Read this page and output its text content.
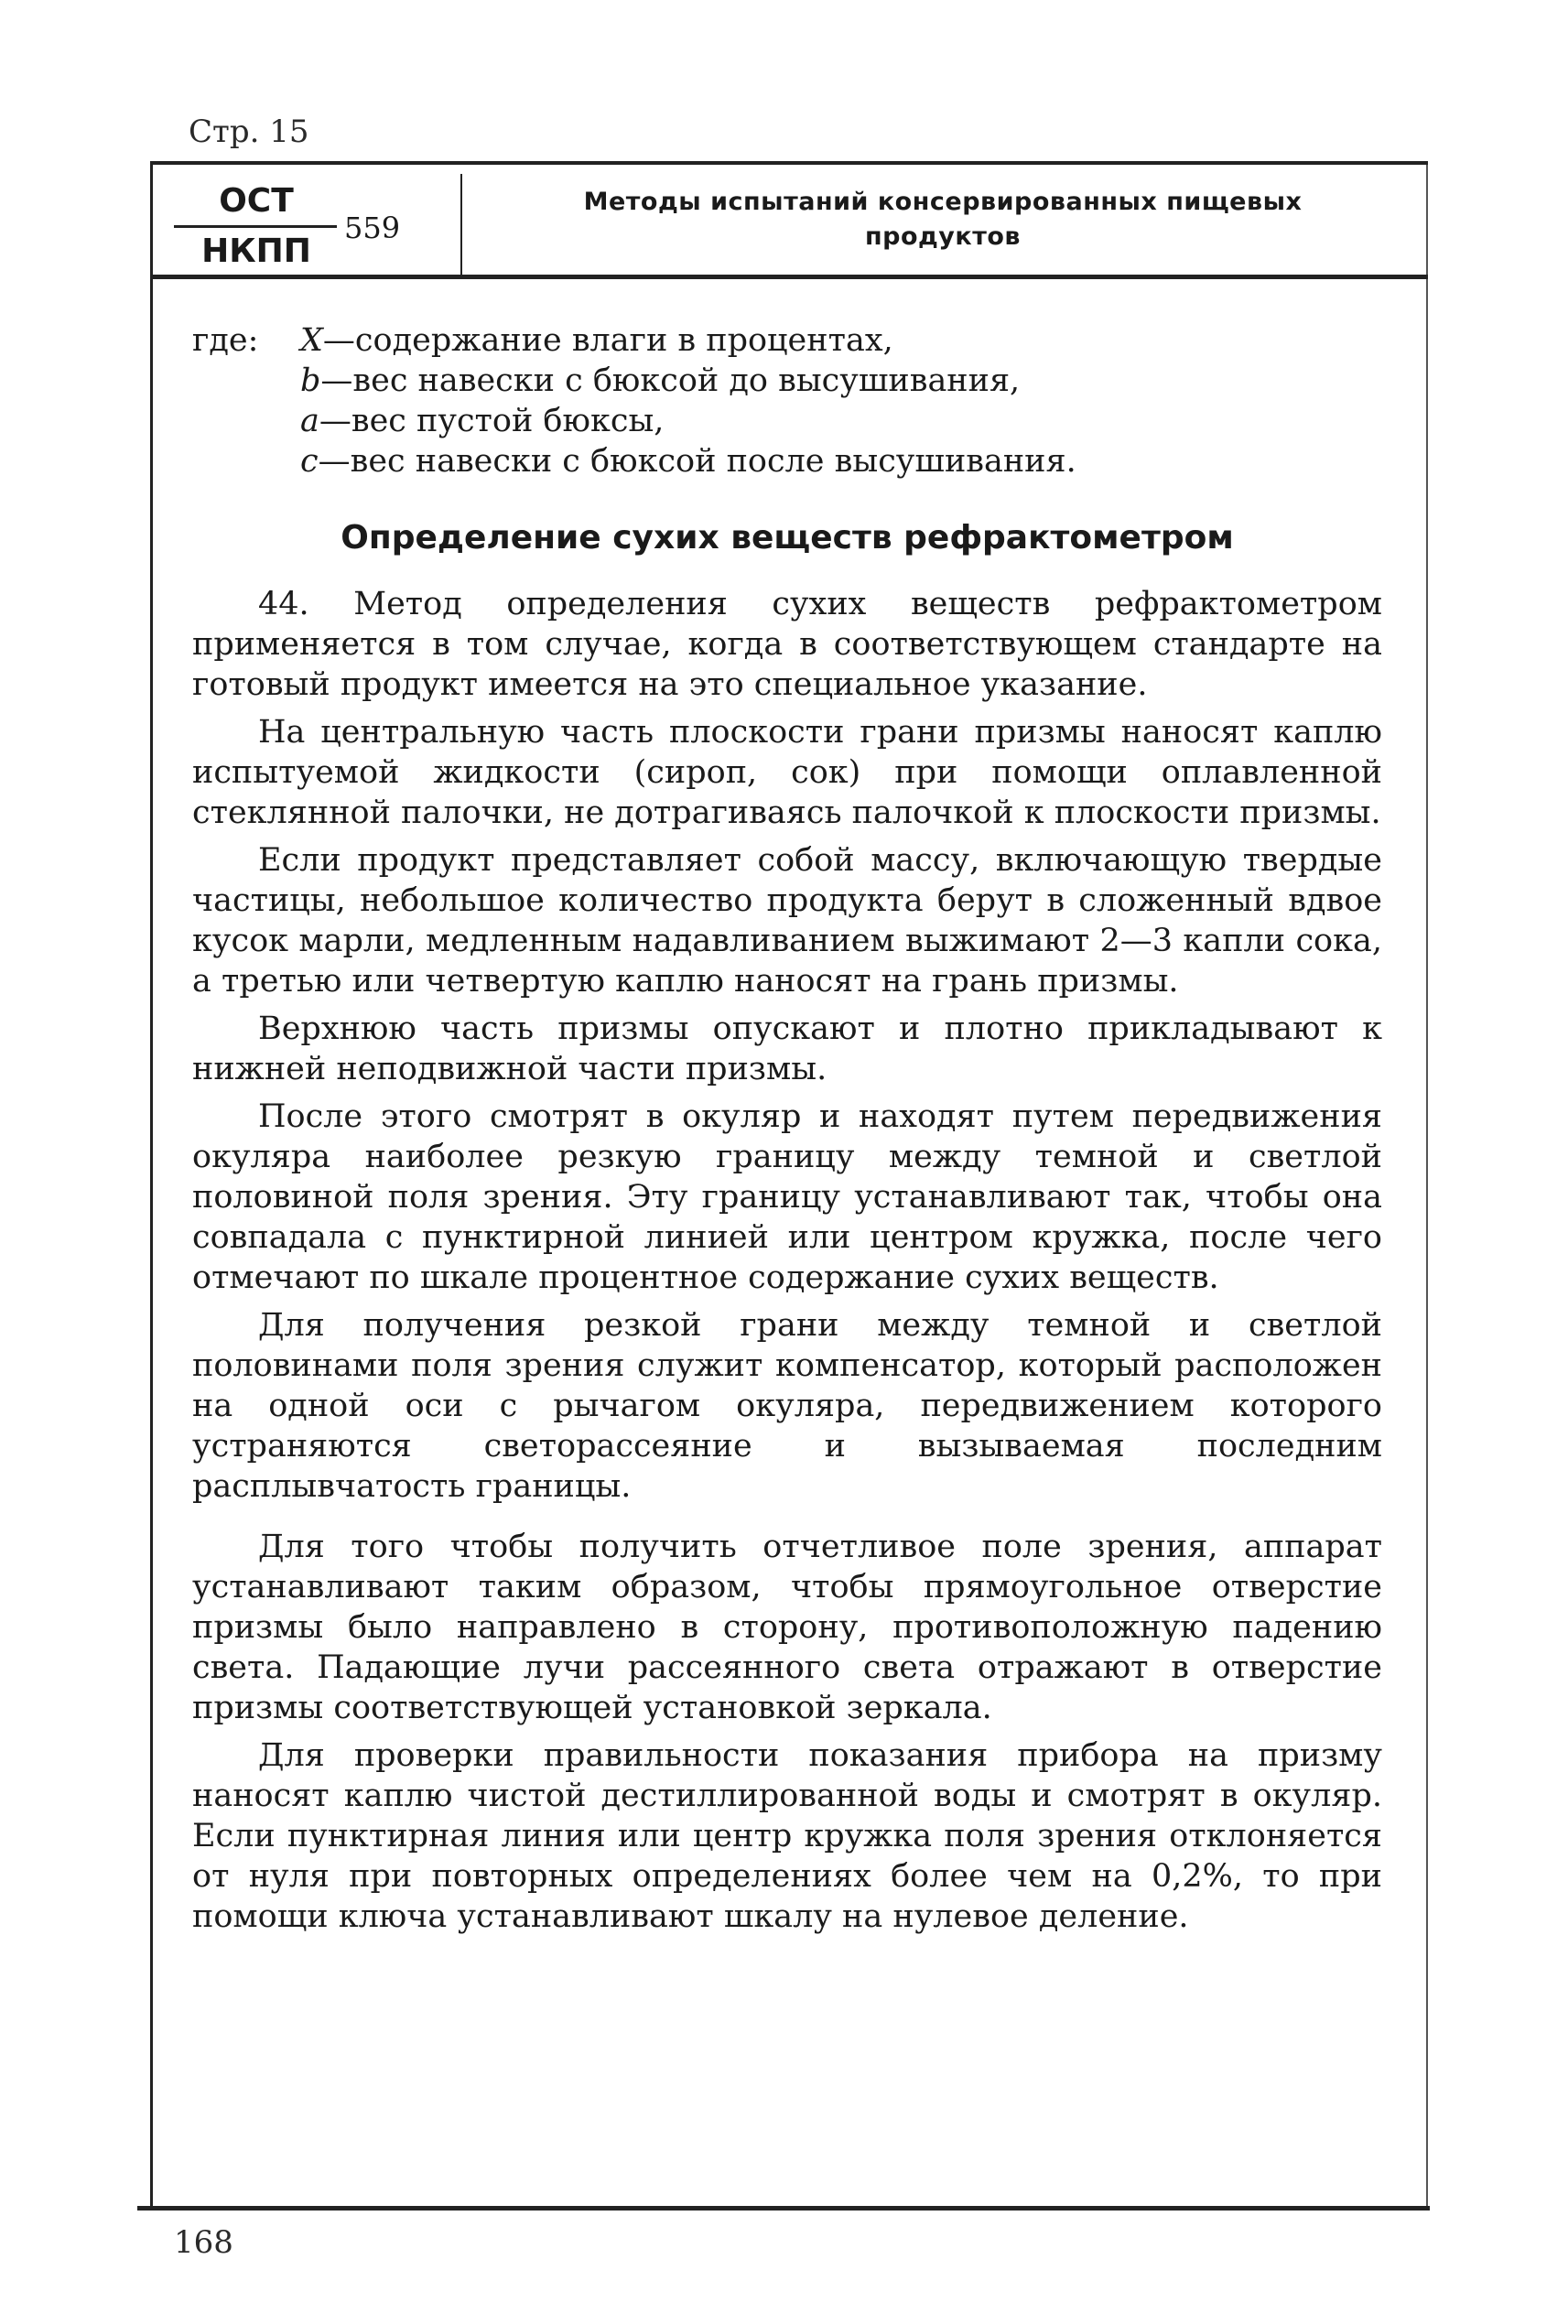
Стр. 15
ОСТ
НКПП
559
Методы испытаний консервированных пищевых
продуктов
где: X—содержание влаги в процентах,
b—вес навески с бюксой до высушивания,
a—вес пустой бюксы,
c—вес навески с бюксой после высушивания.
Определение сухих веществ рефрактометром

44. Метод определения сухих веществ рефрактометром применяется в том случае, когда в соответствующем стандарте на готовый продукт имеется на это специальное указание.

На центральную часть плоскости грани призмы наносят каплю испытуемой жидкости (сироп, сок) при помощи оплавленной стеклянной палочки, не дотрагиваясь палочкой к плоскости призмы.

Если продукт представляет собой массу, включающую твердые частицы, небольшое количество продукта берут в сложенный вдвое кусок марли, медленным надавливанием выжимают 2—3 капли сока, а третью или четвертую каплю наносят на грань призмы.

Верхнюю часть призмы опускают и плотно прикладывают к нижней неподвижной части призмы.

После этого смотрят в окуляр и находят путем передвижения окуляра наиболее резкую границу между темной и светлой половиной поля зрения. Эту границу устанавливают так, чтобы она совпадала с пунктирной линией или центром кружка, после чего отмечают по шкале процентное содержание сухих веществ.

Для получения резкой грани между темной и светлой половинами поля зрения служит компенсатор, который расположен на одной оси с рычагом окуляра, передвижением которого устраняются светорассеяние и вызываемая последним расплывчатость границы.

Для того чтобы получить отчетливое поле зрения, аппарат устанавливают таким образом, чтобы прямоугольное отверстие призмы было направлено в сторону, противоположную падению света. Падающие лучи рассеянного света отражают в отверстие призмы соответствующей установкой зеркала.

Для проверки правильности показания прибора на призму наносят каплю чистой дестиллированной воды и смотрят в окуляр. Если пунктирная линия или центр кружка поля зрения отклоняется от нуля при повторных определениях более чем на 0,2%, то при помощи ключа устанавливают шкалу на нулевое деление.

168
